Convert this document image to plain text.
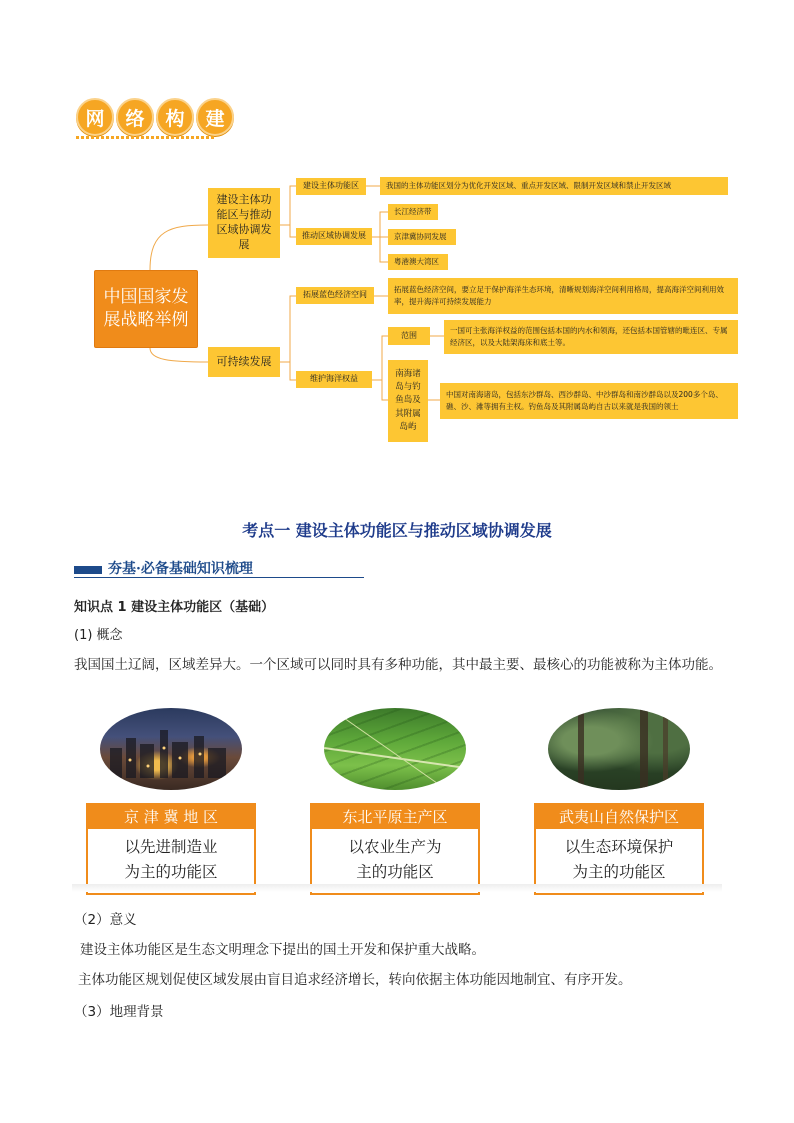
网	络	构	建
中国国家发展战略举例
建设主体功能区与推动区域协调发展
可持续发展
建设主体功能区	我国的主体功能区划分为优化开发区域、重点开发区域、限制开发区域和禁止开发区域
推动区域协调发展
长江经济带
京津冀协同发展
粤港澳大湾区
拓展蓝色经济空间
拓展蓝色经济空间，要立足于保护海洋生态环境，清晰规划海洋空间利用格局，提高海洋空间利用效率，提升海洋可持续发展能力
维护海洋权益
范围
一国可主张海洋权益的范围包括本国的内水和领海，还包括本国管辖的毗连区、专属经济区，以及大陆架海床和底土等。
南海诸岛与钓鱼岛及其附属岛屿
中国对南海诸岛，包括东沙群岛、西沙群岛、中沙群岛和南沙群岛以及200多个岛、礁、沙、滩等拥有主权。钓鱼岛及其附属岛屿自古以来就是我国的领土
考点一 建设主体功能区与推动区域协调发展
夯基·必备基础知识梳理
知识点 1 建设主体功能区（基础）
(1) 概念
我国国土辽阔，区域差异大。一个区域可以同时具有多种功能，其中最主要、最核心的功能被称为主体功能。
京 津 冀 地 区
以先进制造业
为主的功能区
东北平原主产区
以农业生产为
主的功能区
武夷山自然保护区
以生态环境保护
为主的功能区
（2）意义
建设主体功能区是生态文明理念下提出的国土开发和保护重大战略。
主体功能区规划促使区域发展由盲目追求经济增长，转向依据主体功能因地制宜、有序开发。
（3）地理背景
